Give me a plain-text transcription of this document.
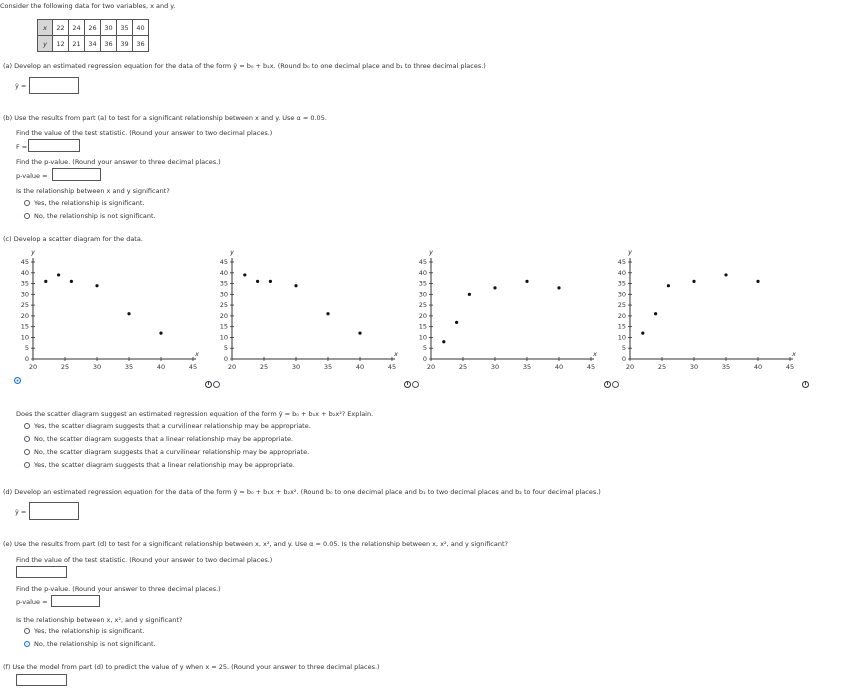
Consider the following data for two variables, x and y.
x	22	24	26	30	35	40
y	12	21	34	36	39	36
(a) Develop an estimated regression equation for the data of the form ŷ = b₀ + b₁x. (Round b₀ to one decimal place and b₁ to three decimal places.)
ŷ =
(b) Use the results from part (a) to test for a significant relationship between x and y. Use α = 0.05.
Find the value of the test statistic. (Round your answer to two decimal places.)
F =
Find the p-value. (Round your answer to three decimal places.)
p-value =
Is the relationship between x and y significant?
Yes, the relationship is significant.
No, the relationship is not significant.
(c) Develop a scatter diagram for the data.
0
5
10
15
20
25
30
35
40
45
20	25	30	35	40	45
y
x
0
5
10
15
20
25
30
35
40
45
20	25	30	35	40	45
y
x
0
5
10
15
20
25
30
35
40
45
20	25	30	35	40	45
y
x
0
5
10
15
20
25
30
35
40
45
20	25	30	35	40	45
y
x
i	i	i	i
Does the scatter diagram suggest an estimated regression equation of the form ŷ = b₀ + b₁x + b₂x²? Explain.
Yes, the scatter diagram suggests that a curvilinear relationship may be appropriate.
No, the scatter diagram suggests that a linear relationship may be appropriate.
No, the scatter diagram suggests that a curvilinear relationship may be appropriate.
Yes, the scatter diagram suggests that a linear relationship may be appropriate.
(d) Develop an estimated regression equation for the data of the form ŷ = b₀ + b₁x + b₂x². (Round b₀ to one decimal place and b₁ to two decimal places and b₂ to four decimal places.)
ŷ =
(e) Use the results from part (d) to test for a significant relationship between x, x², and y. Use α = 0.05. Is the relationship between x, x², and y significant?
Find the value of the test statistic. (Round your answer to two decimal places.)
Find the p-value. (Round your answer to three decimal places.)
p-value =
Is the relationship between x, x², and y significant?
Yes, the relationship is significant.
No, the relationship is not significant.
(f) Use the model from part (d) to predict the value of y when x = 25. (Round your answer to three decimal places.)
